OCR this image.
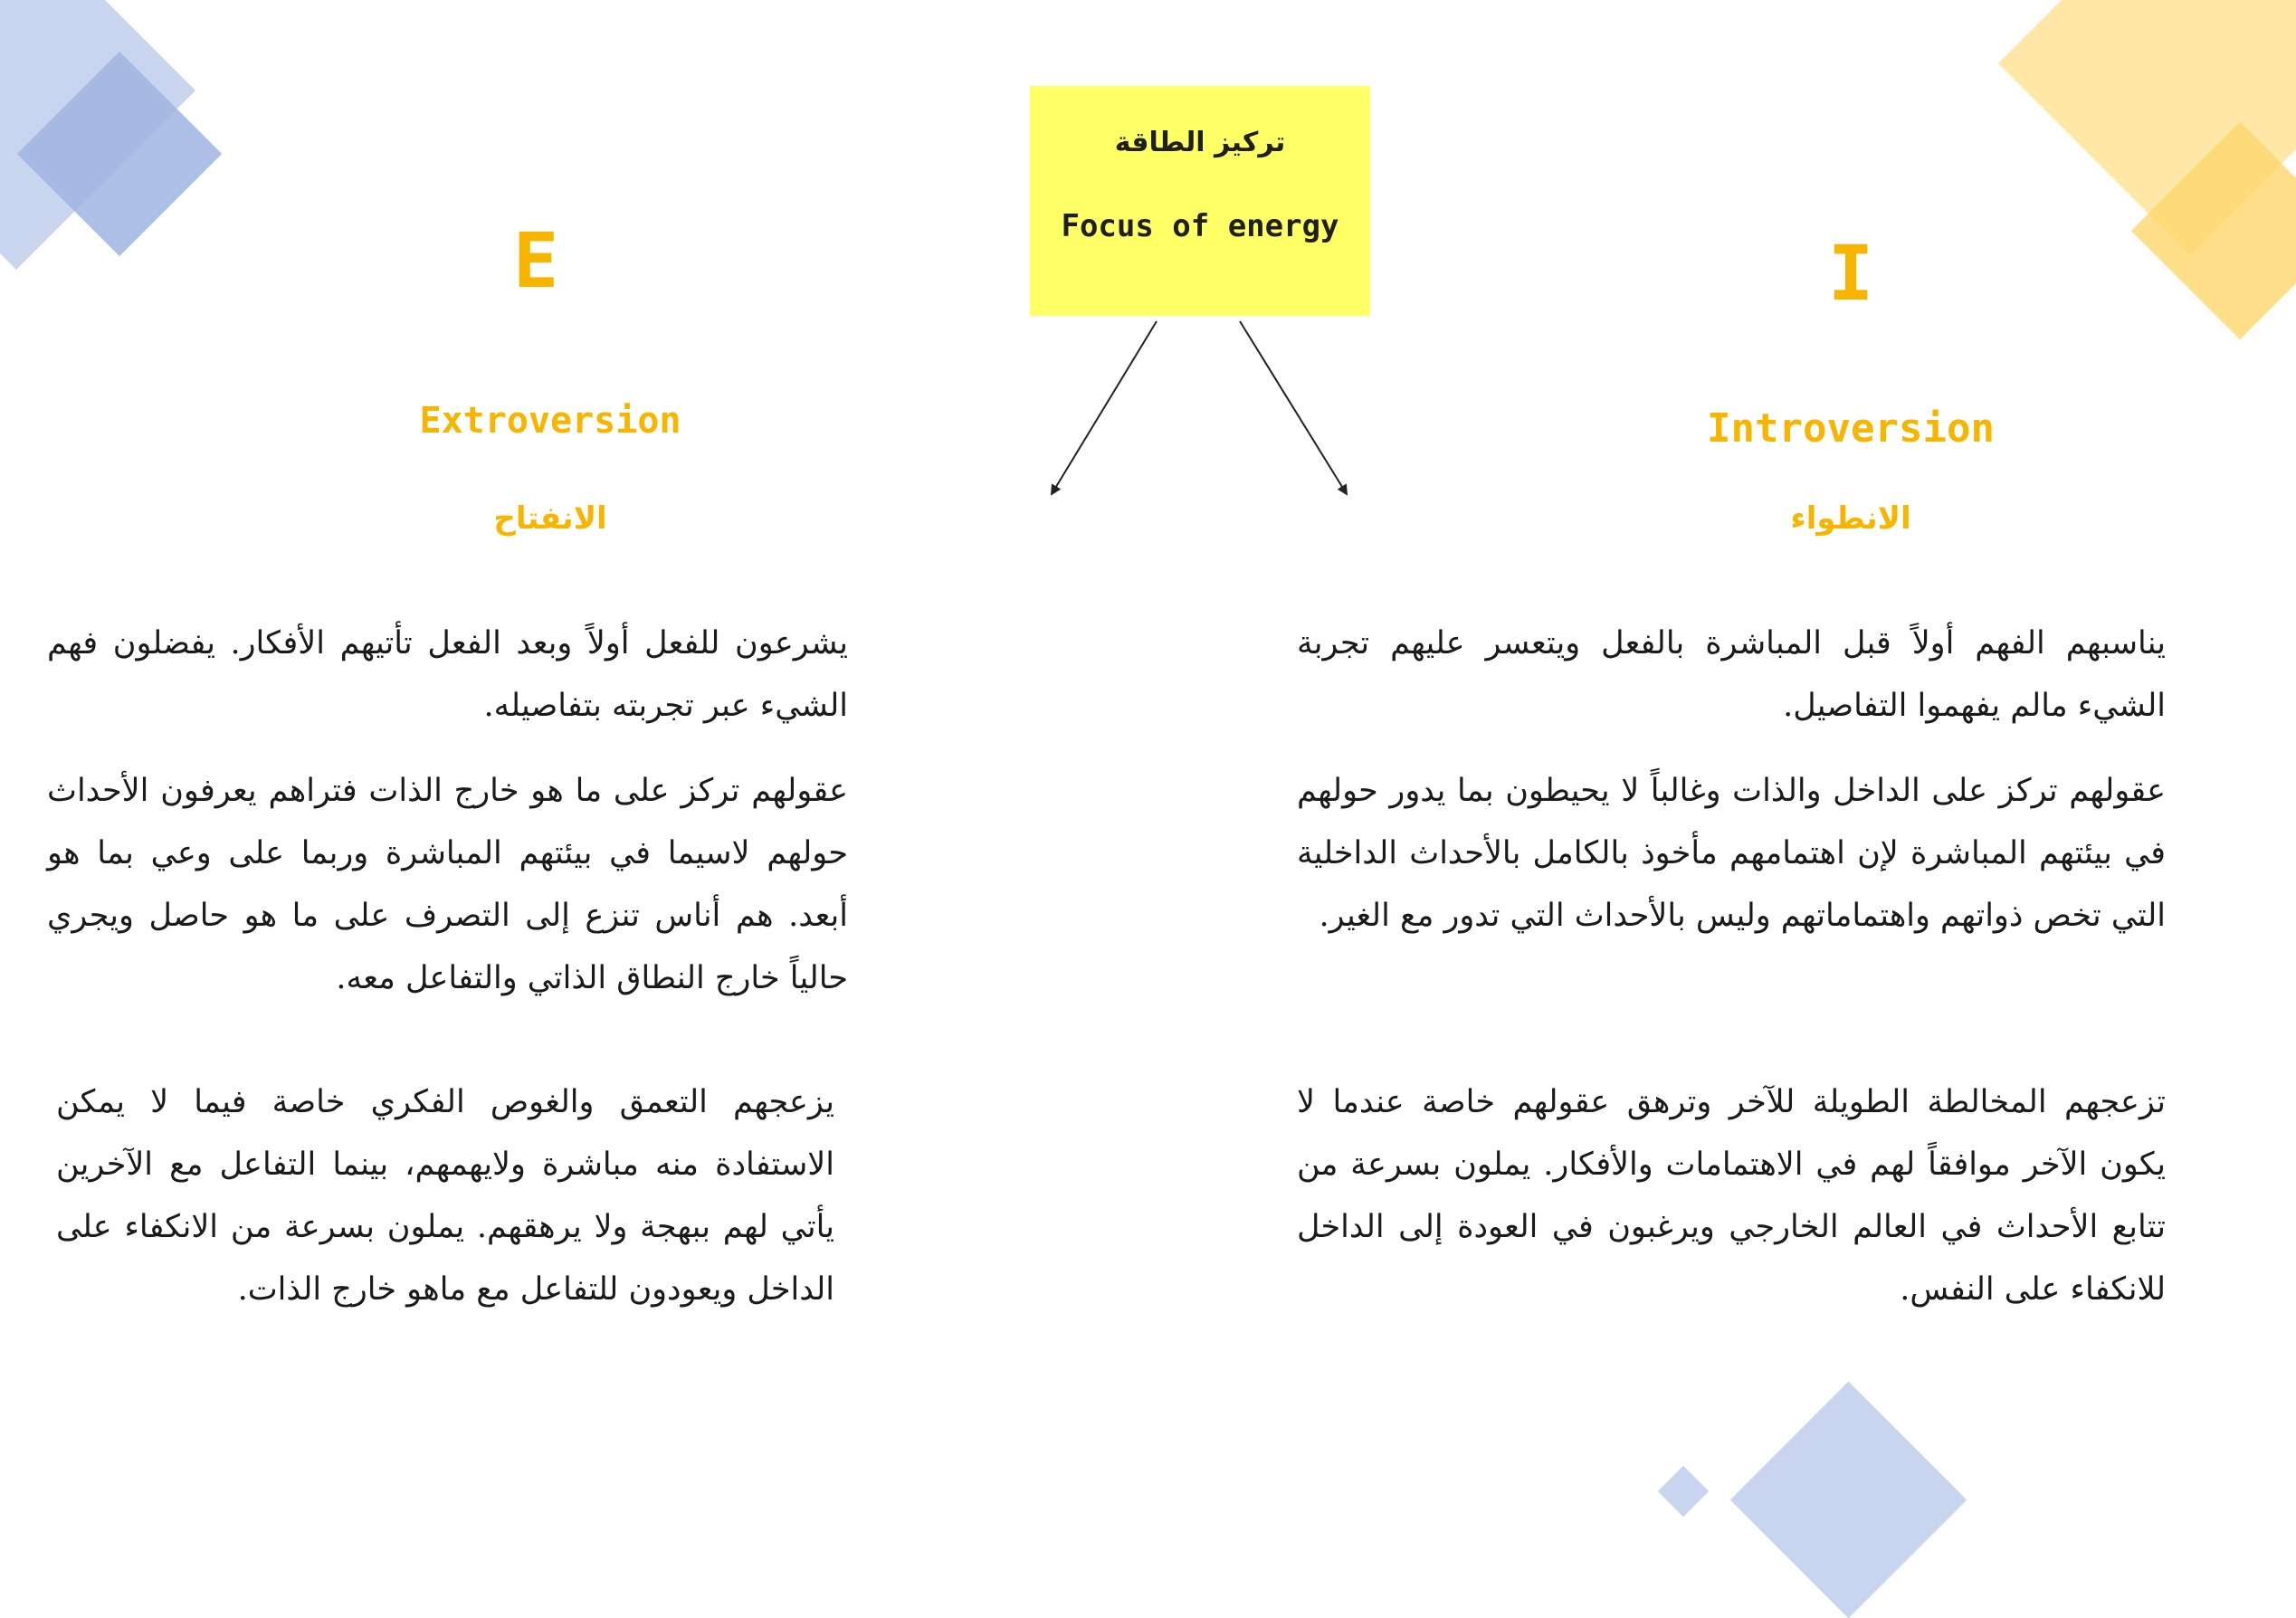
تركيز الطاقة
Focus of energy
E
Extroversion
الانفتاح

يشرعون للفعل أولاً وبعد الفعل تأتيهم الأفكار. يفضلون فهم الشيء عبر تجربته بتفاصيله.

عقولهم تركز على ما هو خارج الذات فتراهم يعرفون الأحداث حولهم لاسيما في بيئتهم المباشرة وربما على وعي بما هو أبعد. هم أناس تنزع إلى التصرف على ما هو حاصل ويجري حالياً خارج النطاق الذاتي والتفاعل معه.

يزعجهم التعمق والغوص الفكري خاصة فيما لا يمكن الاستفادة منه مباشرة ولايهمهم، بينما التفاعل مع الآخرين يأتي لهم ببهجة ولا يرهقهم. يملون بسرعة من الانكفاء على الداخل ويعودون للتفاعل مع ماهو خارج الذات.

I
Introversion
الانطواء

يناسبهم الفهم أولاً قبل المباشرة بالفعل ويتعسر عليهم تجربة الشيء مالم يفهموا التفاصيل.

عقولهم تركز على الداخل والذات وغالباً لا يحيطون بما يدور حولهم في بيئتهم المباشرة لإن اهتمامهم مأخوذ بالكامل بالأحداث الداخلية التي تخص ذواتهم واهتماماتهم وليس بالأحداث التي تدور مع الغير.

تزعجهم المخالطة الطويلة للآخر وترهق عقولهم خاصة عندما لا يكون الآخر موافقاً لهم في الاهتمامات والأفكار. يملون بسرعة من تتابع الأحداث في العالم الخارجي ويرغبون في العودة إلى الداخل للانكفاء على النفس.
